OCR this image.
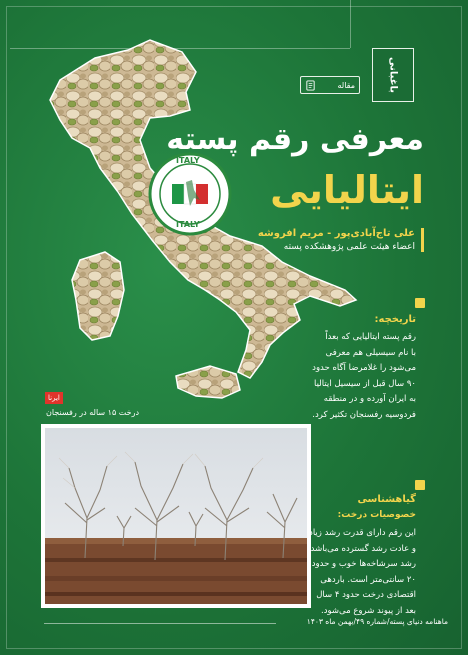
ITALY
ITALY
باغبانی
مقاله
معرفی رقم پسته
ایتالیایی
علی تاج‌آبادی‌پور - مریم افروشه
اعضاء هیئت علمی پژوهشکده پسته
تاریخچه:
رقم پسته ایتالیایی که بعداً
با نام سیسیلی هم معرفی
می‌شود را غلامرضا آگاه حدود
۹۰ سال قبل از سیسیل ایتالیا
به ایران آورده و در منطقه
فردوسیه رفسنجان تکثیر کرد.
ایرنا
درخت ۱۵ ساله در رفسنجان
گیاهشناسی
خصوصیات درخت:
این رقم دارای قدرت رشد زیاد
و عادت رشد گسترده می‌باشد.
رشد سرشاخه‌ها خوب و حدود
۲۰ سانتی‌متر است. باردهی
اقتصادی درخت حدود ۴ سال
بعد از پیوند شروع می‌شود.
ماهنامه دنیای پسته/شماره ۴۹/بهمن ماه ۱۴۰۳
